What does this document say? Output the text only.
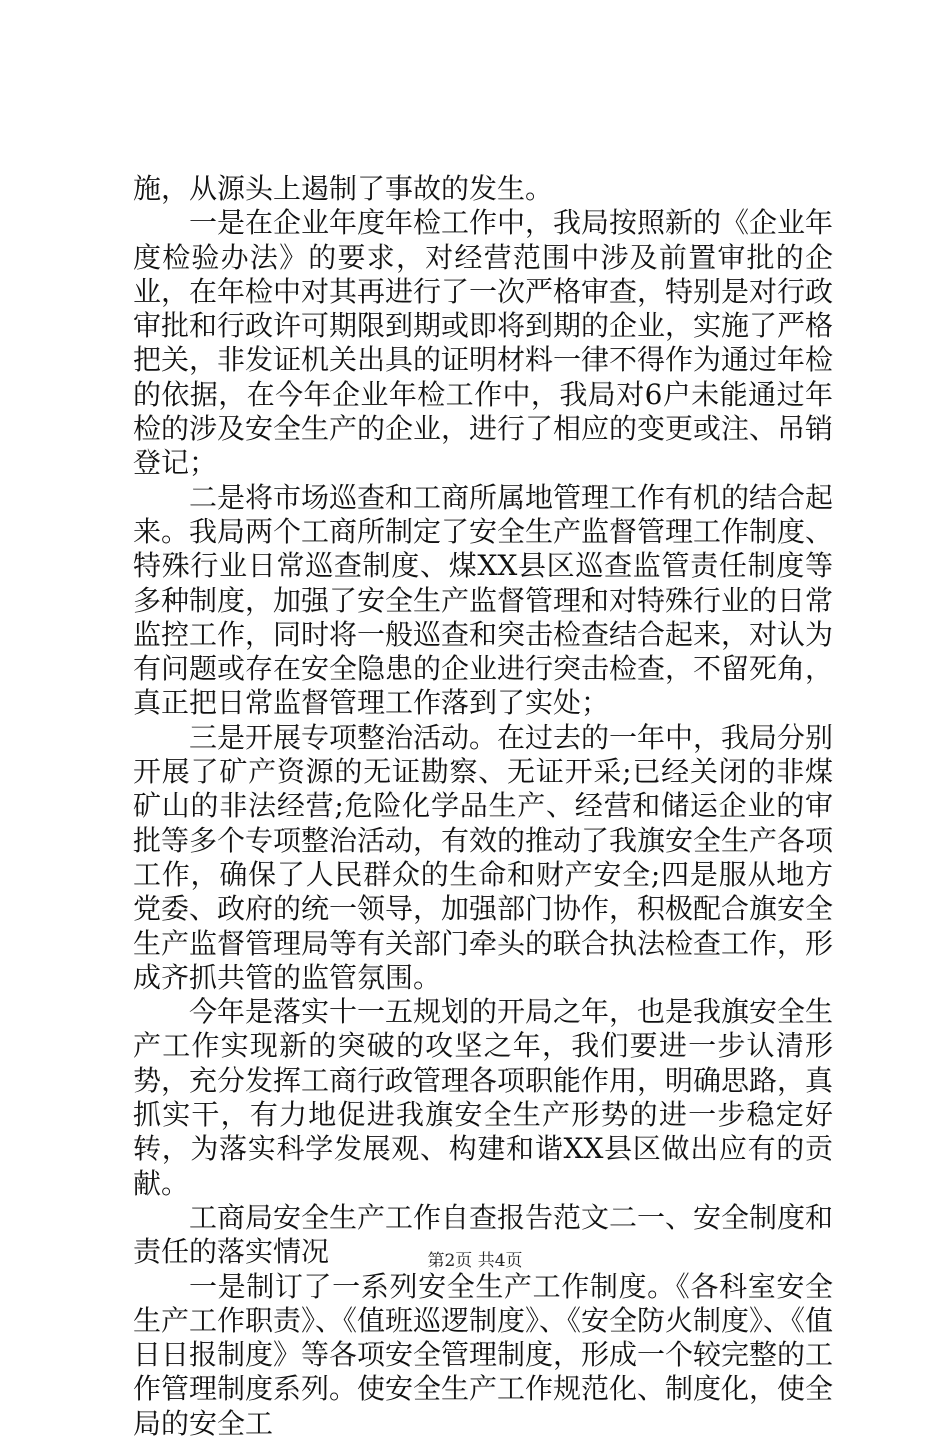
施，从源头上遏制了事故的发生。

一是在企业年度年检工作中，我局按照新的《企业年度检验办法》的要求，对经营范围中涉及前置审批的企业，在年检中对其再进行了一次严格审查，特别是对行政审批和行政许可期限到期或即将到期的企业，实施了严格把关，非发证机关出具的证明材料一律不得作为通过年检的依据，在今年企业年检工作中，我局对6户未能通过年检的涉及安全生产的企业，进行了相应的变更或注、吊销登记；

二是将市场巡查和工商所属地管理工作有机的结合起来。我局两个工商所制定了安全生产监督管理工作制度、特殊行业日常巡查制度、煤XX县区巡查监管责任制度等多种制度，加强了安全生产监督管理和对特殊行业的日常监控工作，同时将一般巡查和突击检查结合起来，对认为有问题或存在安全隐患的企业进行突击检查，不留死角，真正把日常监督管理工作落到了实处；

三是开展专项整治活动。在过去的一年中，我局分别开展了矿产资源的无证勘察、无证开采;已经关闭的非煤矿山的非法经营;危险化学品生产、经营和储运企业的审批等多个专项整治活动，有效的推动了我旗安全生产各项工作，确保了人民群众的生命和财产安全;四是服从地方党委、政府的统一领导，加强部门协作，积极配合旗安全生产监督管理局等有关部门牵头的联合执法检查工作，形成齐抓共管的监管氛围。

今年是落实十一五规划的开局之年，也是我旗安全生产工作实现新的突破的攻坚之年，我们要进一步认清形势，充分发挥工商行政管理各项职能作用，明确思路，真抓实干，有力地促进我旗安全生产形势的进一步稳定好转，为落实科学发展观、构建和谐XX县区做出应有的贡献。

工商局安全生产工作自查报告范文二一、安全制度和责任的落实情况

一是制订了一系列安全生产工作制度。《各科室安全生产工作职责》、《值班巡逻制度》、《安全防火制度》、《值日日报制度》等各项安全管理制度，形成一个较完整的工作管理制度系列。使安全生产工作规范化、制度化，使全局的安全工

第2页 共4页
